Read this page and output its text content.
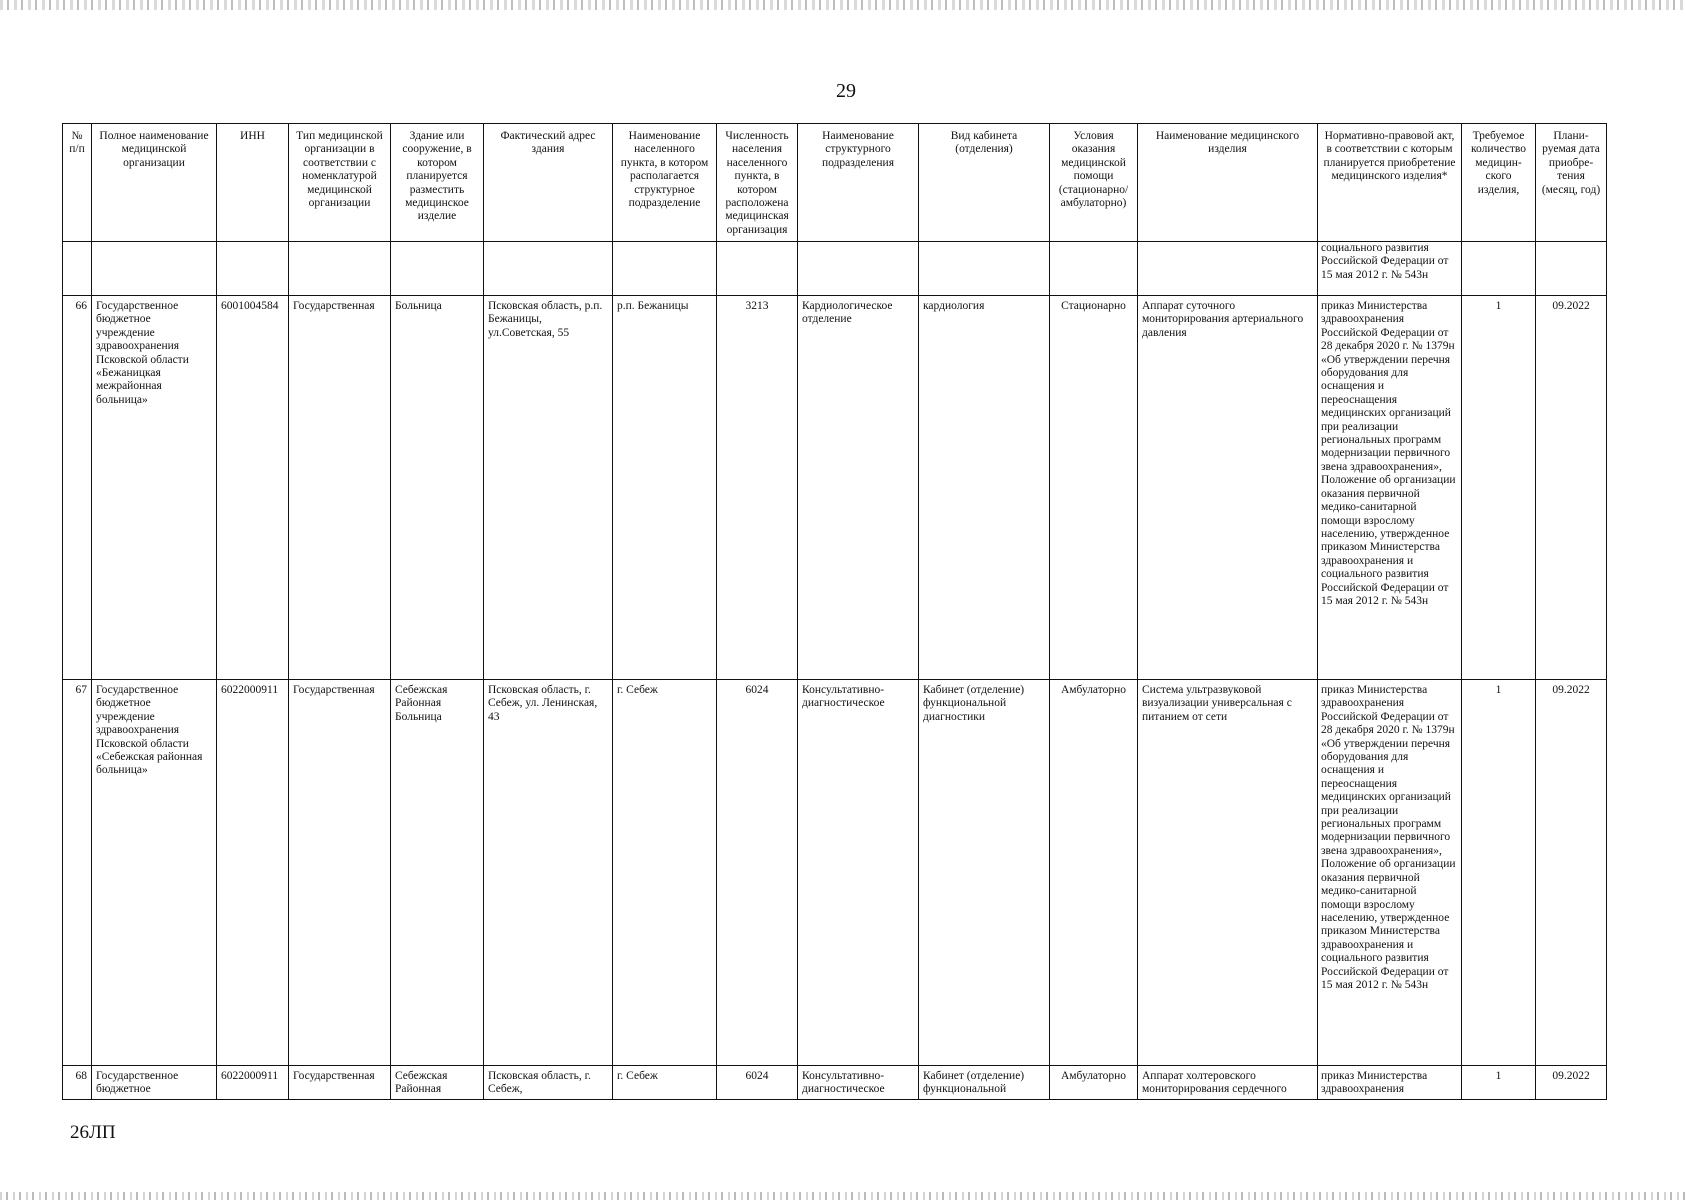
29
№ п/п	Полное наименование медицинской организации	ИНН	Тип медицинской организации в соответствии с номенклатурой медицинской организации	Здание или сооружение, в котором планируется разместить медицинское изделие	Фактический адрес здания	Наименование населенного пункта, в котором располагается структурное подразделение	Численность населения населенного пункта, в котором расположена медицинская организация	Наименование структурного подразделения	Вид кабинета (отделения)	Условия оказания медицинской помощи (стационарно/ амбулаторно)	Наименование медицинского изделия	Нормативно-правовой акт, в соответствии с которым планируется приобретение медицинского изделия*	Требуемое количество медицин-ского изделия,	Плани-руемая дата приобре-тения (месяц, год)
												социального развития Российской Федерации от 15 мая 2012 г. № 543н		
66	Государственное бюджетное учреждение здравоохранения Псковской области «Бежаницкая межрайонная больница»	6001004584	Государственная	Больница	Псковская область, р.п. Бежаницы, ул.Советская, 55	р.п. Бежаницы	3213	Кардиологическое отделение	кардиология	Стационарно	Аппарат суточного мониторирования артериального давления	приказ Министерства здравоохранения Российской Федерации от 28 декабря 2020 г. № 1379н «Об утверждении перечня оборудования для оснащения и переоснащения медицинских организаций при реализации региональных программ модернизации первичного звена здравоохранения», Положение об организации оказания первичной медико-санитарной помощи взрослому населению, утвержденное приказом Министерства здравоохранения и социального развития Российской Федерации от 15 мая 2012 г. № 543н	1	09.2022
67	Государственное бюджетное учреждение здравоохранения Псковской области «Себежская районная больница»	6022000911	Государственная	Себежская Районная Больница	Псковская область, г. Себеж, ул. Ленинская, 43	г. Себеж	6024	Консультативно-диагностическое	Кабинет (отделение) функциональной диагностики	Амбулаторно	Система ультразвуковой визуализации универсальная с питанием от сети	приказ Министерства здравоохранения Российской Федерации от 28 декабря 2020 г. № 1379н «Об утверждении перечня оборудования для оснащения и переоснащения медицинских организаций при реализации региональных программ модернизации первичного звена здравоохранения», Положение об организации оказания первичной медико-санитарной помощи взрослому населению, утвержденное приказом Министерства здравоохранения и социального развития Российской Федерации от 15 мая 2012 г. № 543н	1	09.2022

68	Государственное бюджетное	6022000911	Государственная	Себежская Районная	Псковская область, г. Себеж,	г. Себеж	6024	Консультативно-диагностическое	Кабинет (отделение) функциональной	Амбулаторно	Аппарат холтеровского мониторирования сердечного	приказ Министерства здравоохранения	1	09.2022
26ЛП
